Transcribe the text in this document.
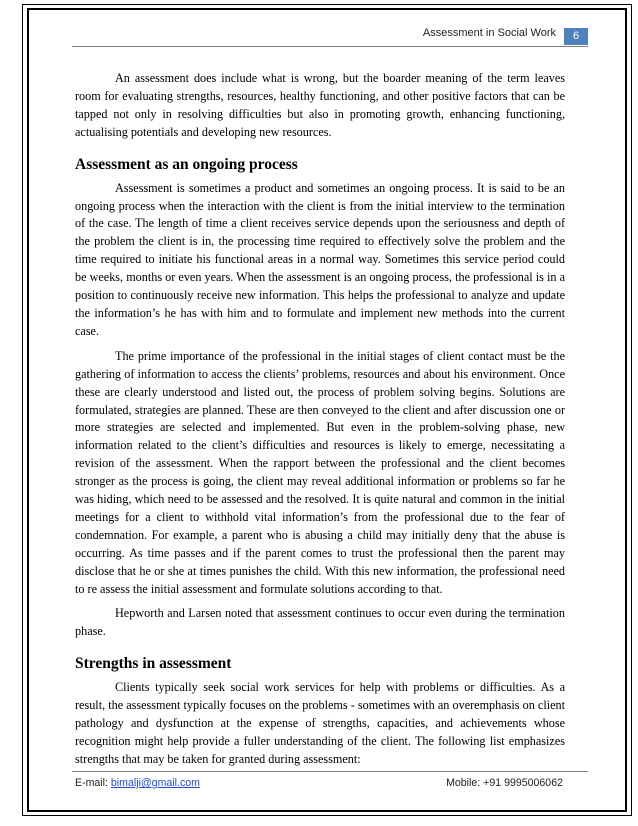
Assessment in Social Work	6

An assessment does include what is wrong, but the boarder meaning of the term leaves room for evaluating strengths, resources, healthy functioning, and other positive factors that can be tapped not only in resolving difficulties but also in promoting growth, enhancing functioning, actualising potentials and developing new resources.

Assessment as an ongoing process

Assessment is sometimes a product and sometimes an ongoing process. It is said to be an ongoing process when the interaction with the client is from the initial interview to the termination of the case. The length of time a client receives service depends upon the seriousness and depth of the problem the client is in, the processing time required to effectively solve the problem and the time required to initiate his functional areas in a normal way. Sometimes this service period could be weeks, months or even years. When the assessment is an ongoing process, the professional is in a position to continuously receive new information. This helps the professional to analyze and update the information’s he has with him and to formulate and implement new methods into the current case.

The prime importance of the professional in the initial stages of client contact must be the gathering of information to access the clients’ problems, resources and about his environment. Once these are clearly understood and listed out, the process of problem solving begins. Solutions are formulated, strategies are planned. These are then conveyed to the client and after discussion one or more strategies are selected and implemented. But even in the problem-solving phase, new information related to the client’s difficulties and resources is likely to emerge, necessitating a revision of the assessment. When the rapport between the professional and the client becomes stronger as the process is going, the client may reveal additional information or problems so far he was hiding, which need to be assessed and the resolved. It is quite natural and common in the initial meetings for a client to withhold vital information’s from the professional due to the fear of condemnation. For example, a parent who is abusing a child may initially deny that the abuse is occurring. As time passes and if the parent comes to trust the professional then the parent may disclose that he or she at times punishes the child. With this new information, the professional need to re assess the initial assessment and formulate solutions according to that.

Hepworth and Larsen noted that assessment continues to occur even during the termination phase.

Strengths in assessment

Clients typically seek social work services for help with problems or difficulties. As a result, the assessment typically focuses on the problems - sometimes with an overemphasis on client pathology and dysfunction at the expense of strengths, capacities, and achievements whose recognition might help provide a fuller understanding of the client. The following list emphasizes strengths that may be taken for granted during assessment:

E-mail: bimalji@gmail.com	Mobile: +91 9995006062
